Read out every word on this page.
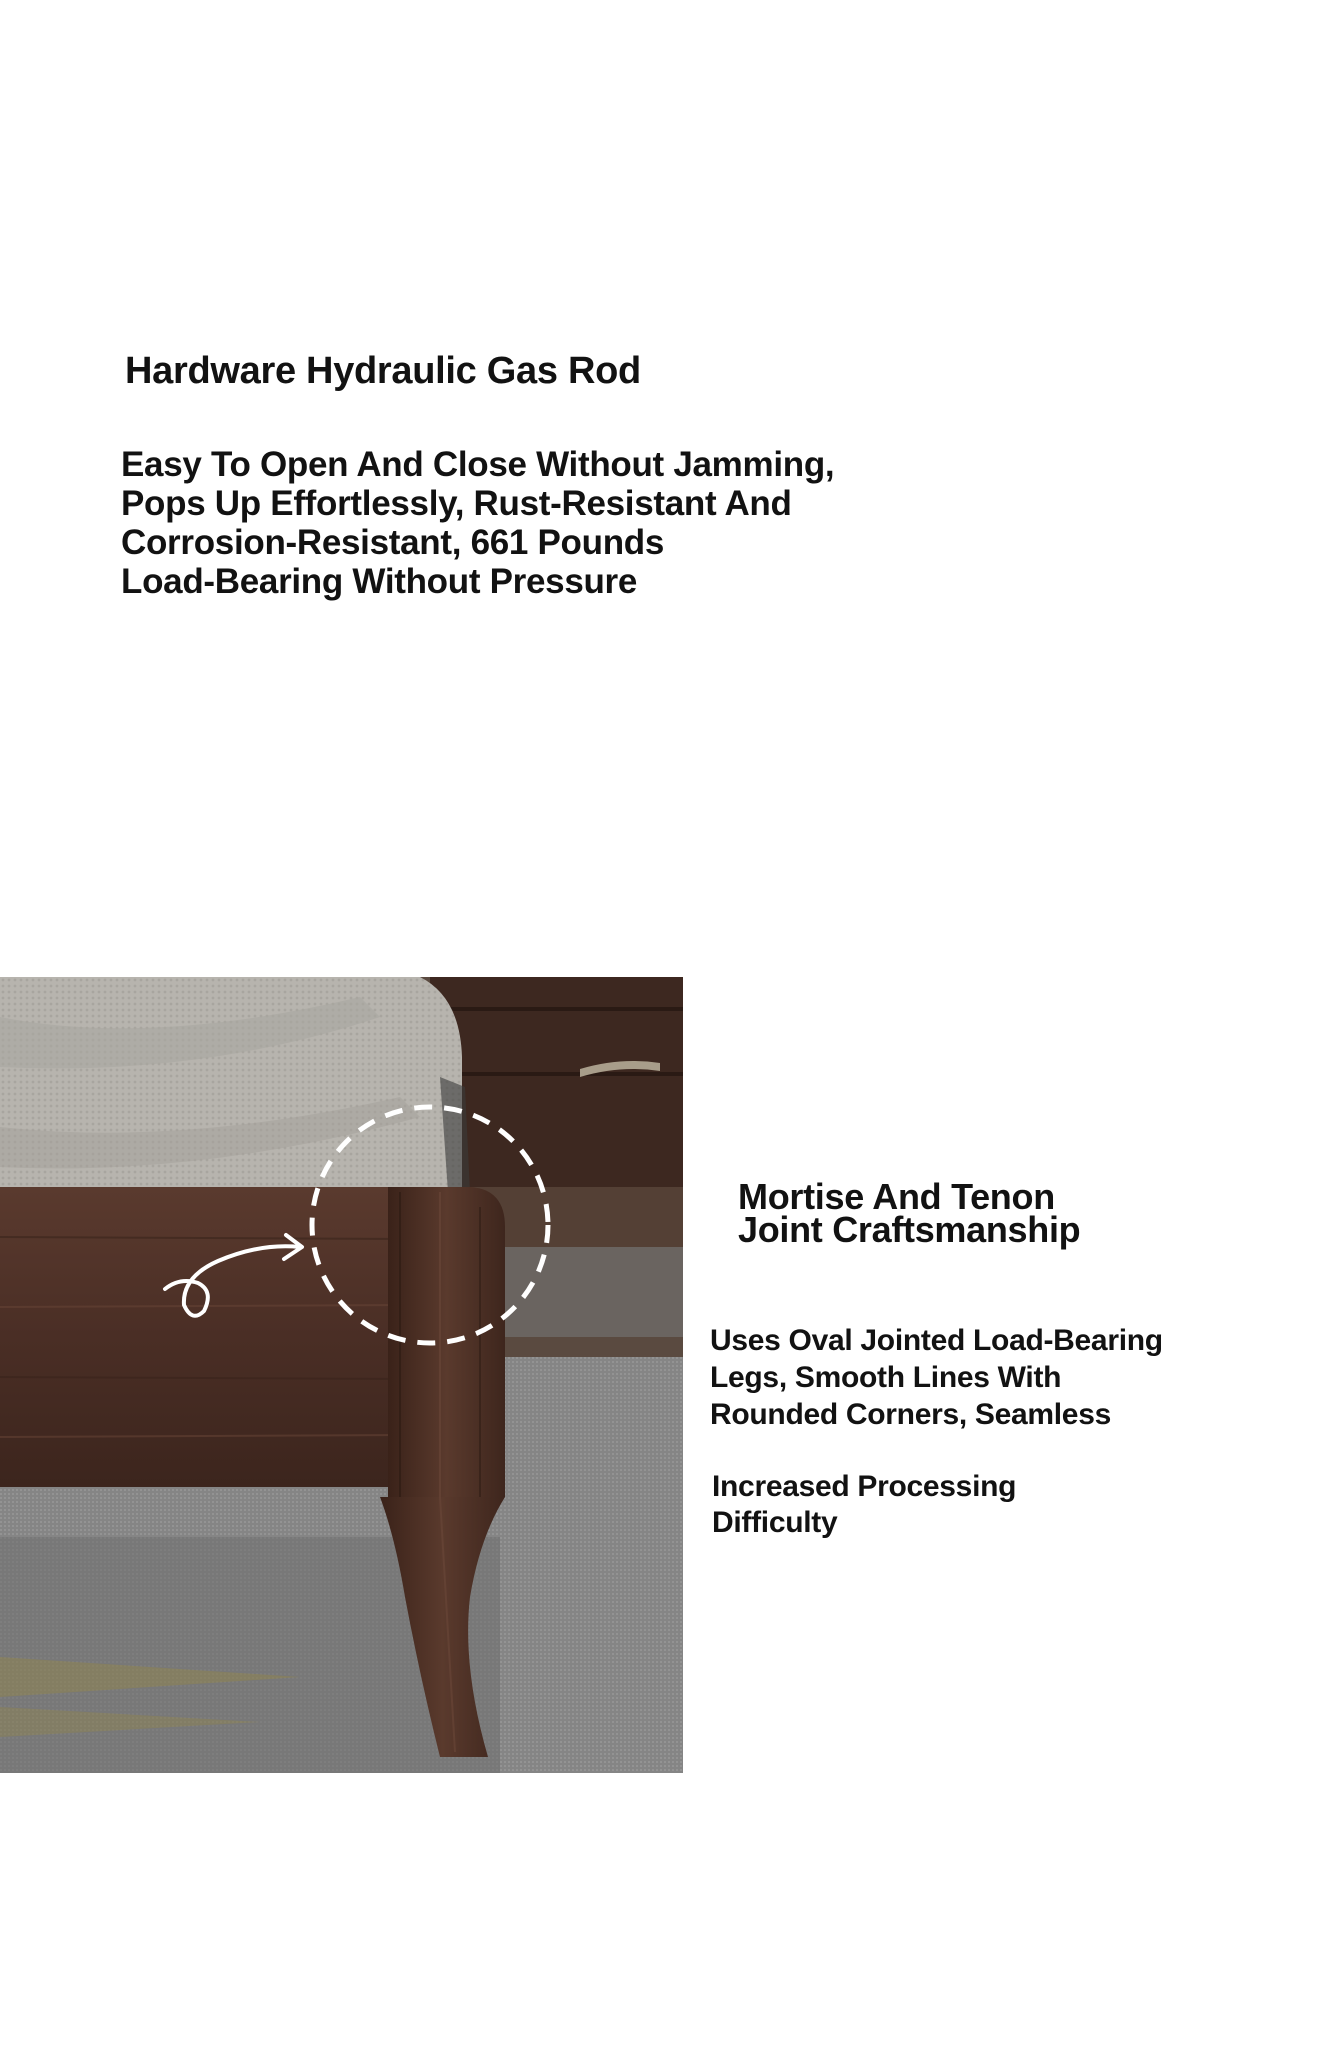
Hardware Hydraulic Gas Rod

Easy To Open And Close Without Jamming,
Pops Up Effortlessly, Rust-Resistant And
Corrosion-Resistant, 661 Pounds
Load-Bearing Without Pressure

Mortise And Tenon
Joint Craftsmanship

Uses Oval Jointed Load-Bearing
Legs, Smooth Lines With
Rounded Corners, Seamless

Increased Processing
Difficulty
